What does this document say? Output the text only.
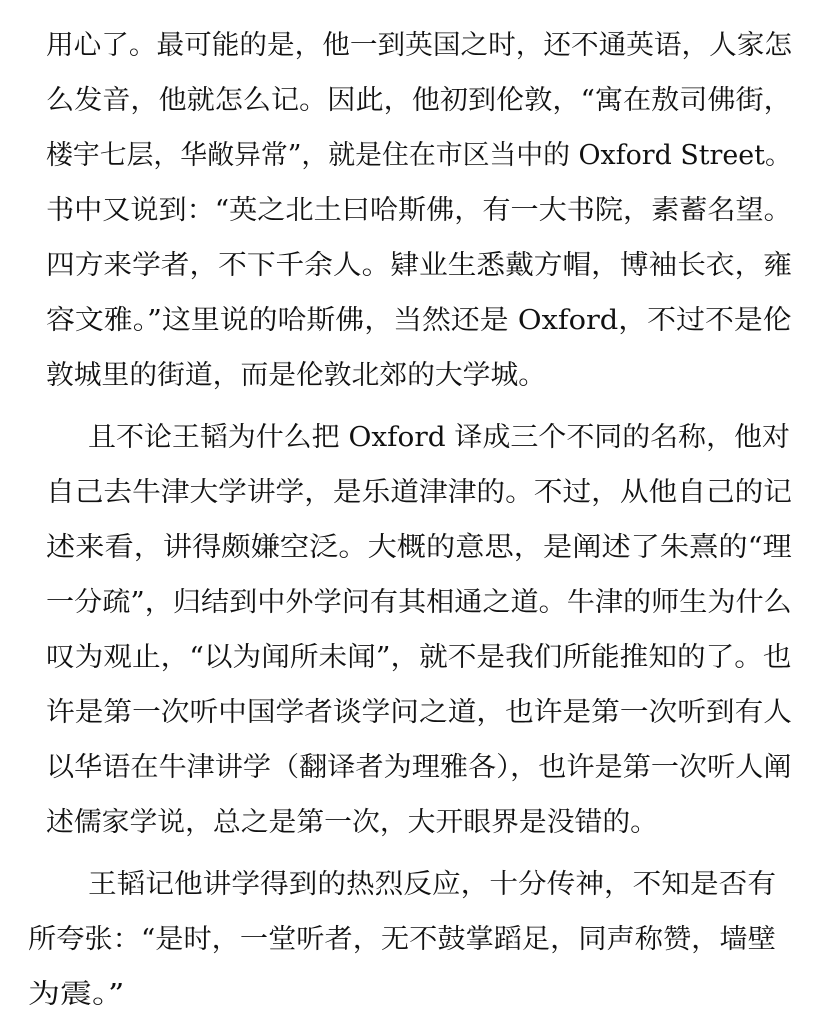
用心了。最可能的是，他一到英国之时，还不通英语，人家怎
么发音，他就怎么记。因此，他初到伦敦，“寓在敖司佛街，
楼宇七层，华敞异常”，就是住在市区当中的 Oxford Street。
书中又说到：“英之北土曰哈斯佛，有一大书院，素蓄名望。
四方来学者，不下千余人。肄业生悉戴方帽，博袖长衣，雍
容文雅。”这里说的哈斯佛，当然还是 Oxford，不过不是伦
敦城里的街道，而是伦敦北郊的大学城。
且不论王韬为什么把 Oxford 译成三个不同的名称，他对
自己去牛津大学讲学，是乐道津津的。不过，从他自己的记
述来看，讲得颇嫌空泛。大概的意思，是阐述了朱熹的“理
一分疏”，归结到中外学问有其相通之道。牛津的师生为什么
叹为观止，“以为闻所未闻”，就不是我们所能推知的了。也
许是第一次听中国学者谈学问之道，也许是第一次听到有人
以华语在牛津讲学（翻译者为理雅各），也许是第一次听人阐
述儒家学说，总之是第一次，大开眼界是没错的。
王韬记他讲学得到的热烈反应，十分传神，不知是否有
所夸张：“是时，一堂听者，无不鼓掌蹈足，同声称赞，墙壁
为震。”
